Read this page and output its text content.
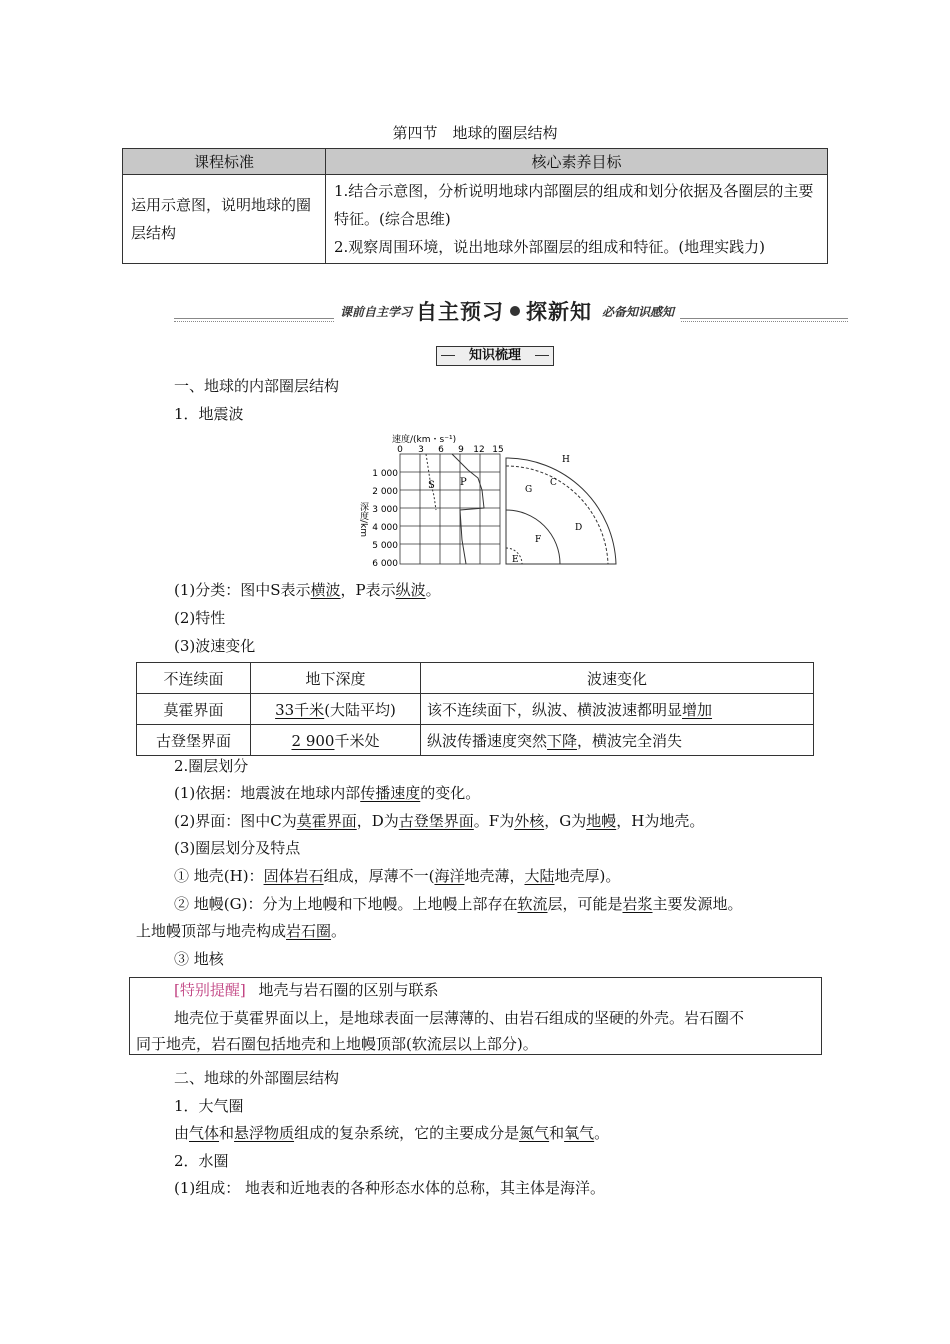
第四节　地球的圈层结构
课程标准	核心素养目标
运用示意图，说明地球的圈层结构	1.结合示意图，分析说明地球内部圈层的组成和划分依据及各圈层的主要特征。(综合思维)
2.观察周围环境，说出地球外部圈层的组成和特征。(地理实践力)
课前自主学习 自主预习 探新知 必备知识感知
知识梳理
一、地球的内部圈层结构
1．地震波
速度/(km・s⁻¹)
0 3 6 9 12 15
1 000
2 000
3 000
4 000
5 000
6 000
深度/km
S	P
H
C
G
D
F
E
(1)分类：图中S表示横波，P表示纵波。
(2)特性
(3)波速变化
不连续面	地下深度	波速变化
莫霍界面	33千米(大陆平均)	该不连续面下，纵波、横波波速都明显增加
古登堡界面	2 900千米处	纵波传播速度突然下降，横波完全消失
2.圈层划分
(1)依据：地震波在地球内部传播速度的变化。
(2)界面：图中C为莫霍界面，D为古登堡界面。F为外核，G为地幔，H为地壳。
(3)圈层划分及特点
① 地壳(H)：固体岩石组成，厚薄不一(海洋地壳薄，大陆地壳厚)。
② 地幔(G)：分为上地幔和下地幔。上地幔上部存在软流层，可能是岩浆主要发源地。
上地幔顶部与地壳构成岩石圈。
③ 地核
[特别提醒] 地壳与岩石圈的区别与联系
地壳位于莫霍界面以上，是地球表面一层薄薄的、由岩石组成的坚硬的外壳。岩石圈不
同于地壳，岩石圈包括地壳和上地幔顶部(软流层以上部分)。
二、地球的外部圈层结构
1．大气圈
由气体和悬浮物质组成的复杂系统，它的主要成分是氮气和氧气。
2．水圈
(1)组成： 地表和近地表的各种形态水体的总称，其主体是海洋。
